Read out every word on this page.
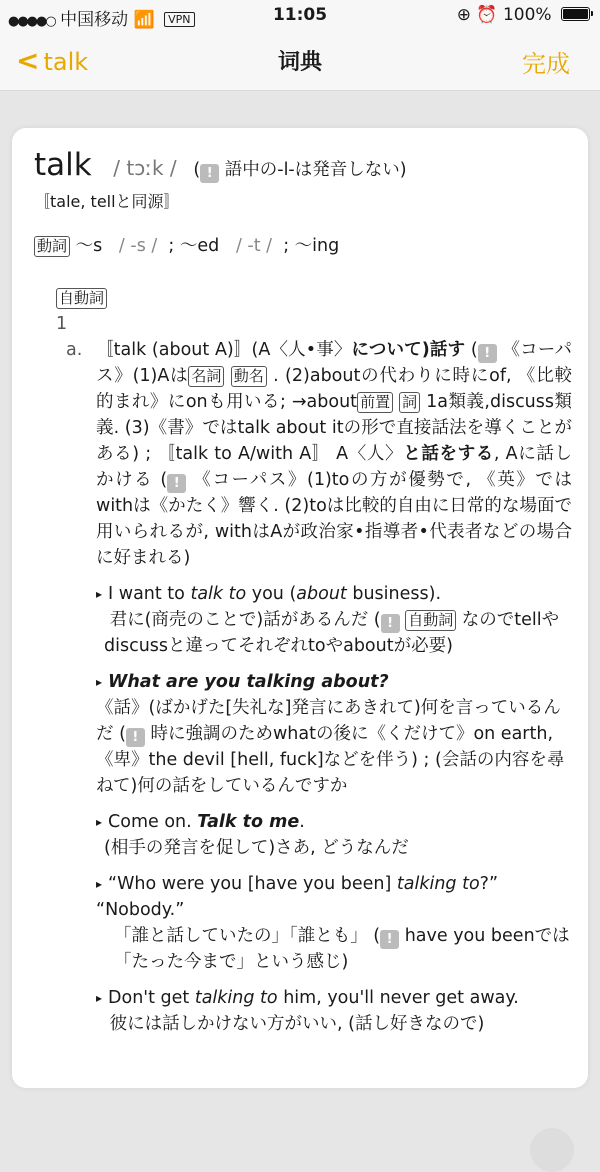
●●●●○ 中国移动 📶 VPN	11:05	⊕ ⏰ 100%
< talk	词典	完成
talk / tɔːk /   ( ! 語中の-l-は発音しない)
〚tale, tellと同源〛
動詞 ～s / -s / ; ～ed / -t / ; ～ing
自動詞
1
a. 〚talk (about A)〛(A〈人•事〉について)話す ( ! 《コーパス》(1)Aは 名詞 動名 . (2)aboutの代わりに時にof, 《比較的まれ》にonも用いる; →about 前置 詞 1a類義,discuss類義. (3)《書》ではtalk about itの形で直接話法を導くことがある) ; 〚talk to A/with A〛 A〈人〉と話をする, Aに話しかける ( ! 《コーパス》(1)toの方が優勢で, 《英》ではwithは《かたく》響く. (2)toは比較的自由に日常的な場面で用いられるが, withはAが政治家•指導者•代表者などの場合に好まれる)
▸ I want to talk to you (about business).
君に(商売のことで)話があるんだ ( ! 自動詞 なのでtellやdiscussと違ってそれぞれtoやaboutが必要)
▸ What are you talking about?
《話》(ばかげた[失礼な]発言にあきれて)何を言っているんだ ( ! 時に強調のためwhatの後に《くだけて》on earth, 《卑》the devil [hell, fuck]などを伴う) ; (会話の内容を尋ねて)何の話をしているんですか
▸ Come on. Talk to me.
(相手の発言を促して)さあ, どうなんだ
▸ “Who were you [have you been] talking to?”
“Nobody.”
「誰と話していたの」「誰とも」 ( ! have you beenでは「たった今まで」という感じ)
▸ Don't get talking to him, you'll never get away.
彼には話しかけない方がいい, (話し好きなので)
